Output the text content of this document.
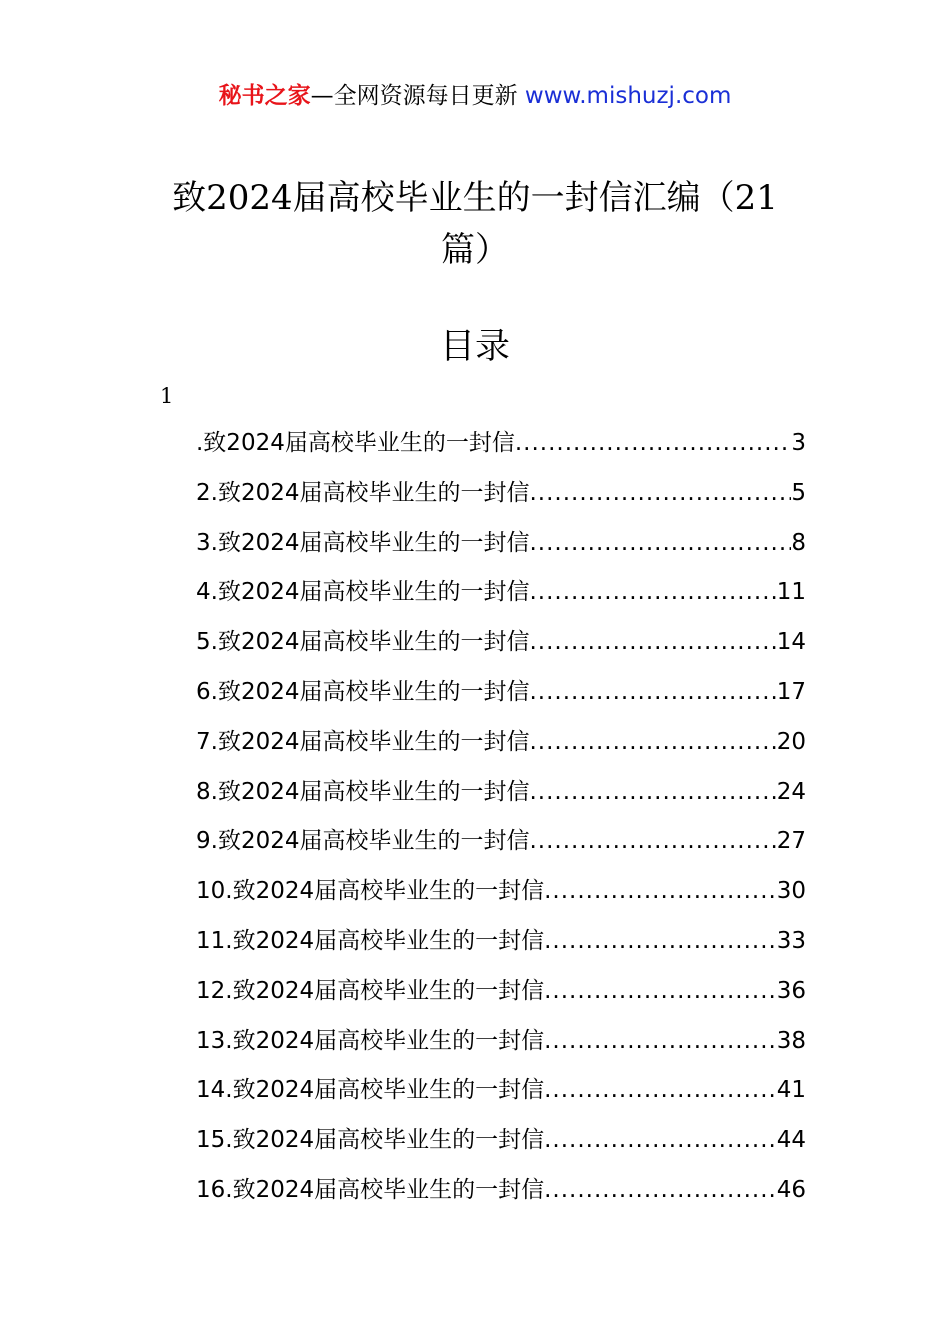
秘书之家—全网资源每日更新 www.mishuzj.com
致2024届高校毕业生的一封信汇编（21篇）
目录
1
.致2024届高校毕业生的一封信 .....	3
2.致2024届高校毕业生的一封信 .....	5
3.致2024届高校毕业生的一封信 .....	8
4.致2024届高校毕业生的一封信 .....	11
5.致2024届高校毕业生的一封信 .....	14
6.致2024届高校毕业生的一封信 .....	17
7.致2024届高校毕业生的一封信 .....	20
8.致2024届高校毕业生的一封信 .....	24
9.致2024届高校毕业生的一封信 .....	27
10.致2024届高校毕业生的一封信 .....	30
11.致2024届高校毕业生的一封信 .....	33
12.致2024届高校毕业生的一封信 .....	36
13.致2024届高校毕业生的一封信 .....	38
14.致2024届高校毕业生的一封信 .....	41
15.致2024届高校毕业生的一封信 .....	44
16.致2024届高校毕业生的一封信 .....	46
